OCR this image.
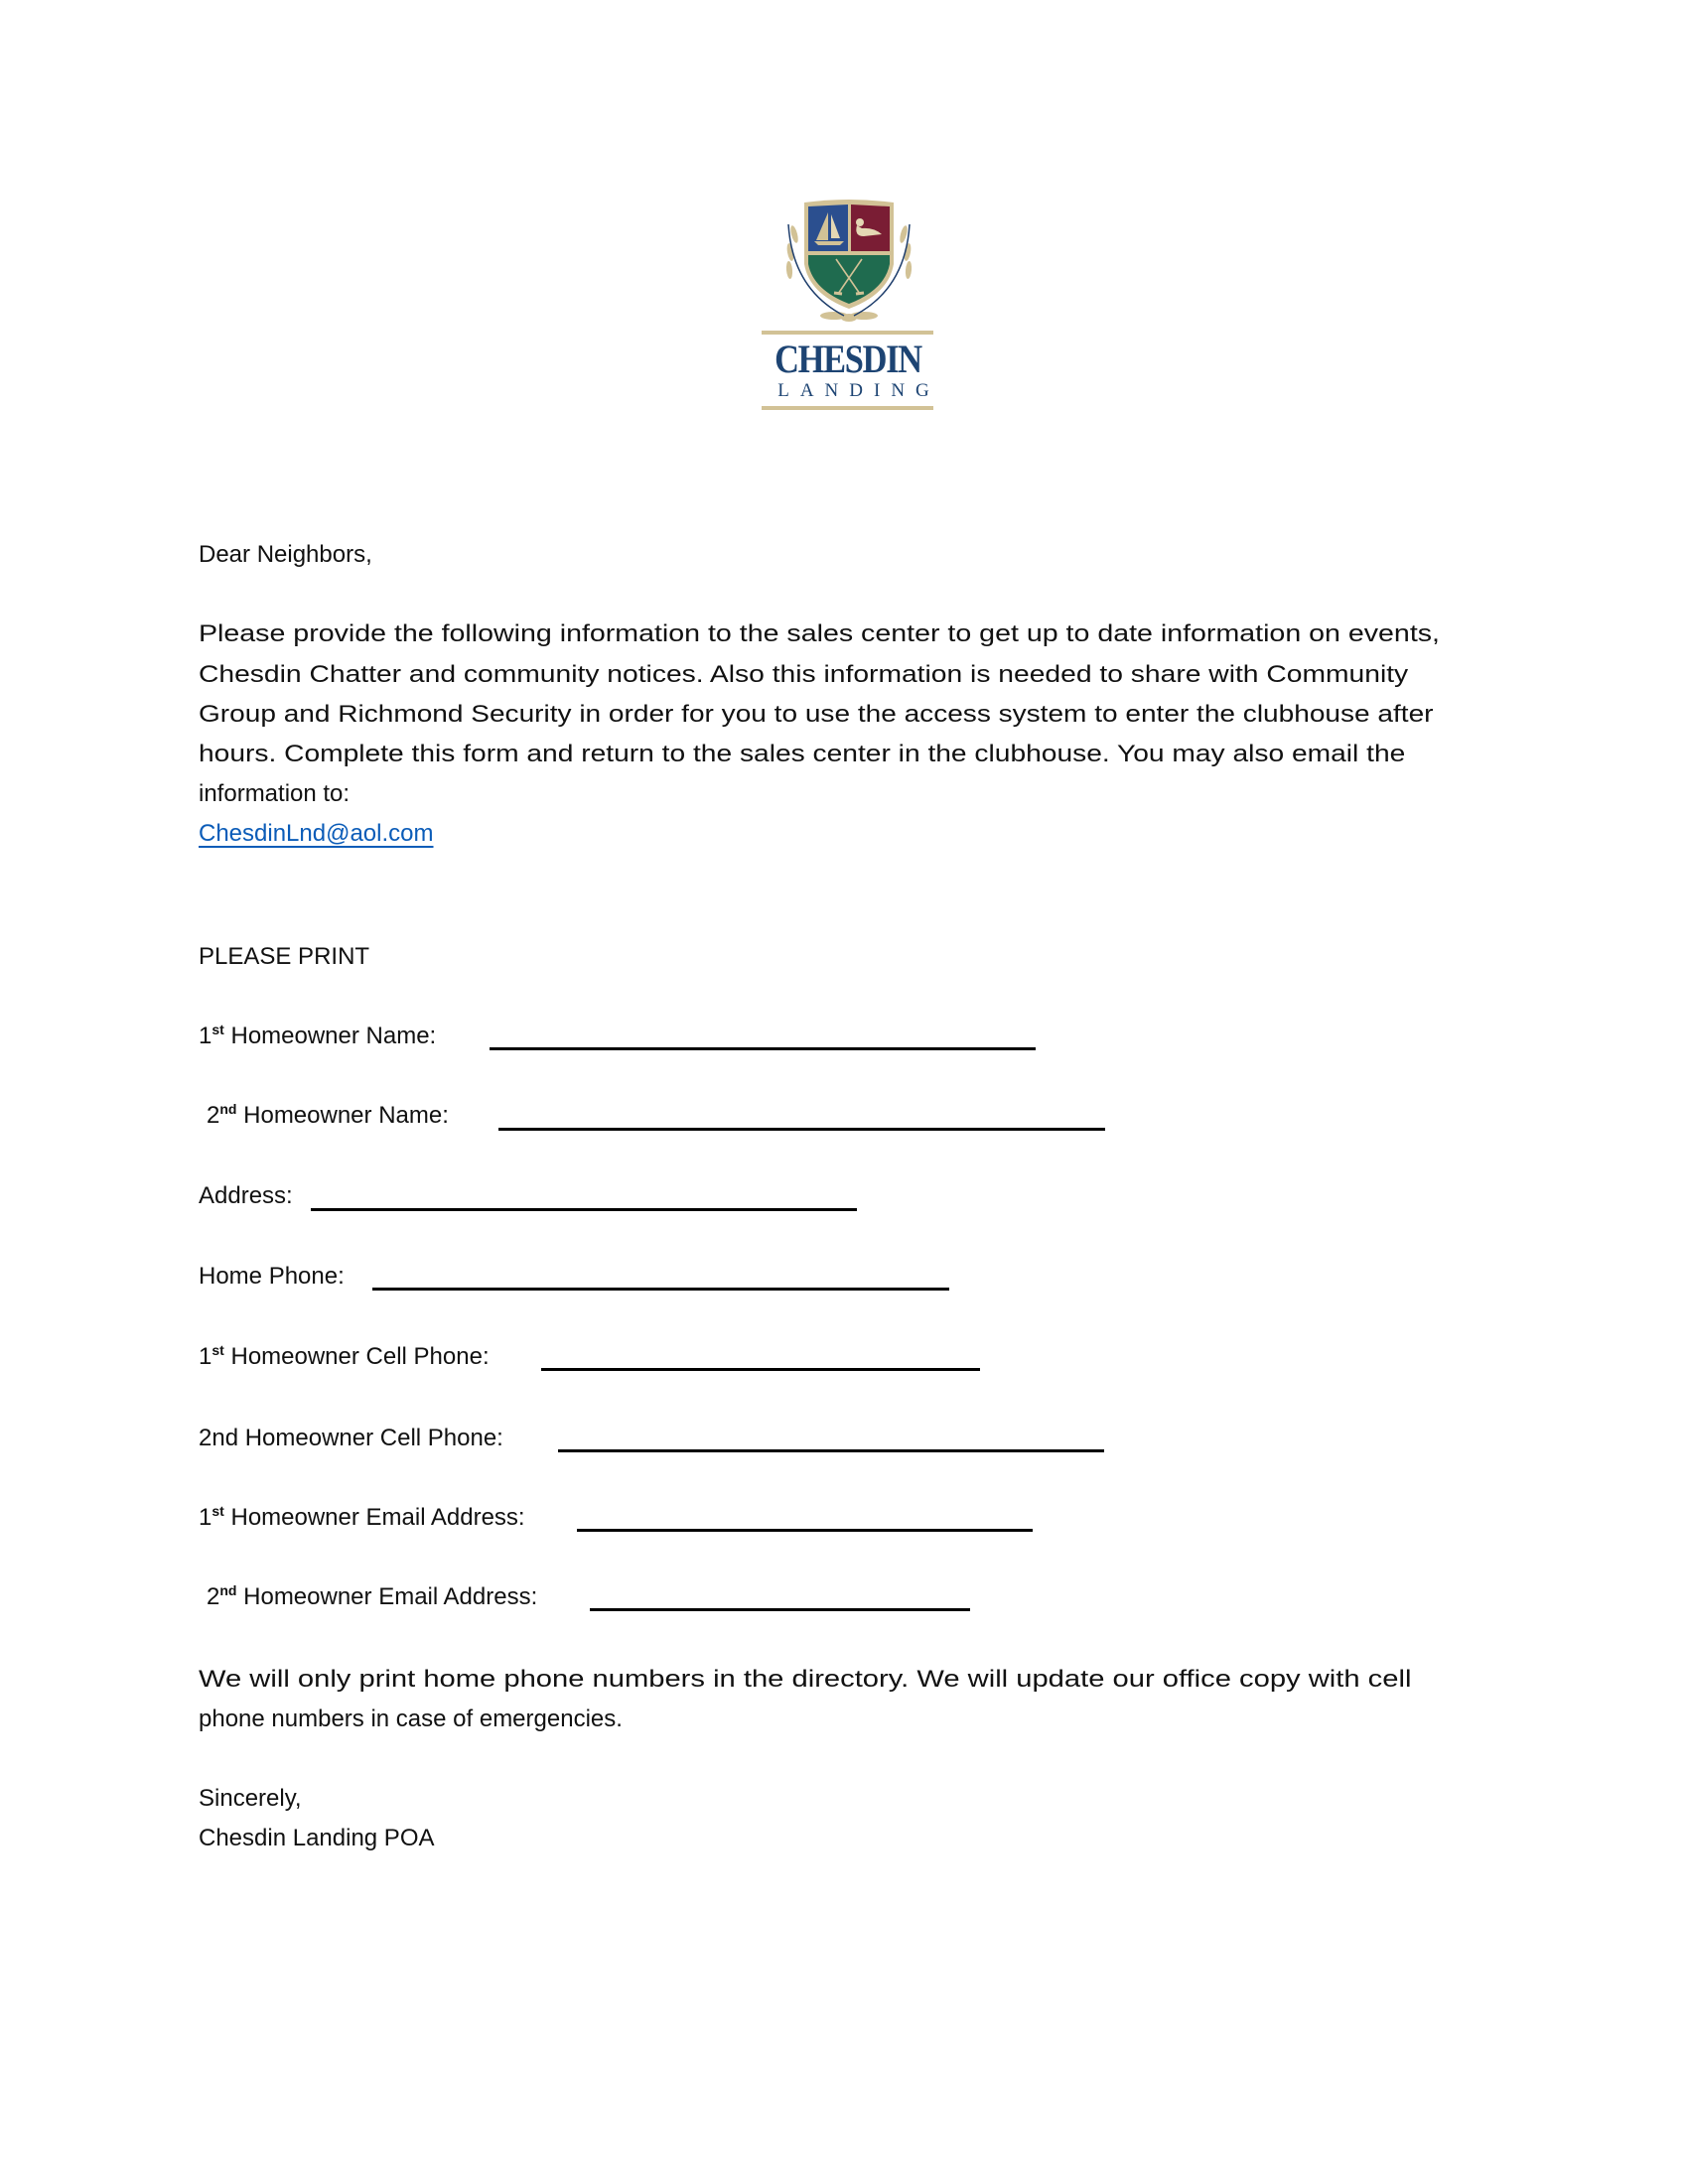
CHESDIN
LANDING
Dear Neighbors,
Please provide the following information to the sales center to get up to date information on events,
Chesdin Chatter and community notices. Also this information is needed to share with Community
Group and Richmond Security in order for you to use the access system to enter the clubhouse after
hours. Complete this form and return to the sales center in the clubhouse. You may also email the
information to:
ChesdinLnd@aol.com
PLEASE PRINT
1st Homeowner Name:
2nd Homeowner Name:
Address:
Home Phone:
1st Homeowner Cell Phone:
2nd Homeowner Cell Phone:
1st Homeowner Email Address:
2nd Homeowner Email Address:
We will only print home phone numbers in the directory. We will update our office copy with cell
phone numbers in case of emergencies.
Sincerely,
Chesdin Landing POA
